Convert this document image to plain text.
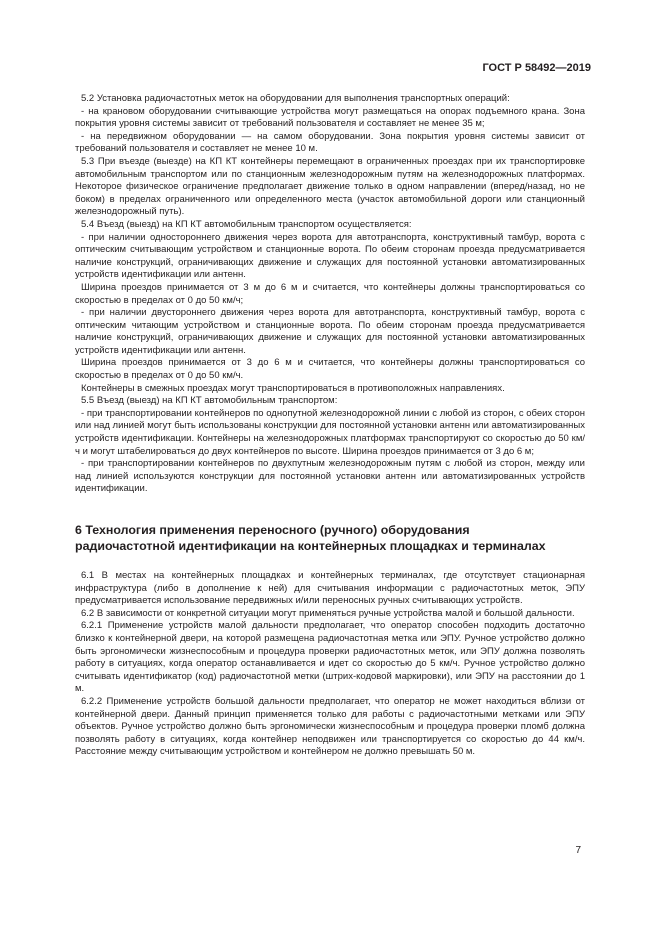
ГОСТ Р 58492—2019

5.2 Установка радиочастотных меток на оборудовании для выполнения транспортных операций:

- на крановом оборудовании считывающие устройства могут размещаться на опорах подъемного крана. Зона покрытия уровня системы зависит от требований пользователя и составляет не менее 35 м;

- на передвижном оборудовании — на самом оборудовании. Зона покрытия уровня системы зависит от требований пользователя и составляет не менее 10 м.

5.3 При въезде (выезде) на КП КТ контейнеры перемещают в ограниченных проездах при их транспортировке автомобильным транспортом или по станционным железнодорожным путям на железнодорожных платформах. Некоторое физическое ограничение предполагает движение только в одном направлении (вперед/назад, но не боком) в пределах ограниченного или определенного места (участок автомобильной дороги или станционный железнодорожный путь).

5.4 Въезд (выезд) на КП КТ автомобильным транспортом осуществляется:

- при наличии одностороннего движения через ворота для автотранспорта, конструктивный тамбур, ворота с оптическим считывающим устройством и станционные ворота. По обеим сторонам проезда предусматривается наличие конструкций, ограничивающих движение и служащих для постоянной установки автоматизированных устройств идентификации или антенн.

Ширина проездов принимается от 3 м до 6 м и считается, что контейнеры должны транспортироваться со скоростью в пределах от 0 до 50 км/ч;

- при наличии двустороннего движения через ворота для автотранспорта, конструктивный тамбур, ворота с оптическим читающим устройством и станционные ворота. По обеим сторонам проезда предусматривается наличие конструкций, ограничивающих движение и служащих для постоянной установки автоматизированных устройств идентификации или антенн.

Ширина проездов принимается от 3 до 6 м и считается, что контейнеры должны транспортироваться со скоростью в пределах от 0 до 50 км/ч.

Контейнеры в смежных проездах могут транспортироваться в противоположных направлениях.

5.5 Въезд (выезд) на КП КТ автомобильным транспортом:

- при транспортировании контейнеров по однопутной железнодорожной линии с любой из сторон, с обеих сторон или над линией могут быть использованы конструкции для постоянной установки антенн или автоматизированных устройств идентификации. Контейнеры на железнодорожных платформах транспортируют со скоростью до 50 км/ч и могут штабелироваться до двух контейнеров по высоте. Ширина проездов принимается от 3 до 6 м;

- при транспортировании контейнеров по двухпутным железнодорожным путям с любой из сторон, между или над линией используются конструкции для постоянной установки антенн или автоматизированных устройств идентификации.

6 Технология применения переносного (ручного) оборудования

радиочастотной идентификации на контейнерных площадках и терминалах

6.1 В местах на контейнерных площадках и контейнерных терминалах, где отсутствует стационарная инфраструктура (либо в дополнение к ней) для считывания информации с радиочастотных меток, ЭПУ предусматривается использование передвижных и/или переносных ручных считывающих устройств.

6.2 В зависимости от конкретной ситуации могут применяться ручные устройства малой и большой дальности.

6.2.1 Применение устройств малой дальности предполагает, что оператор способен подходить достаточно близко к контейнерной двери, на которой размещена радиочастотная метка или ЭПУ. Ручное устройство должно быть эргономически жизнеспособным и процедура проверки радиочастотных меток, или ЭПУ должна позволять работу в ситуациях, когда оператор останавливается и идет со скоростью до 5 км/ч. Ручное устройство должно считывать идентификатор (код) радиочастотной метки (штрих-кодовой маркировки), или ЭПУ на расстоянии до 1 м.

6.2.2 Применение устройств большой дальности предполагает, что оператор не может находиться вблизи от контейнерной двери. Данный принцип применяется только для работы с радиочастотными метками или ЭПУ объектов. Ручное устройство должно быть эргономически жизнеспособным и процедура проверки пломб должна позволять работу в ситуациях, когда контейнер неподвижен или транспортируется со скоростью до 44 км/ч. Расстояние между считывающим устройством и контейнером не должно превышать 50 м.

7
